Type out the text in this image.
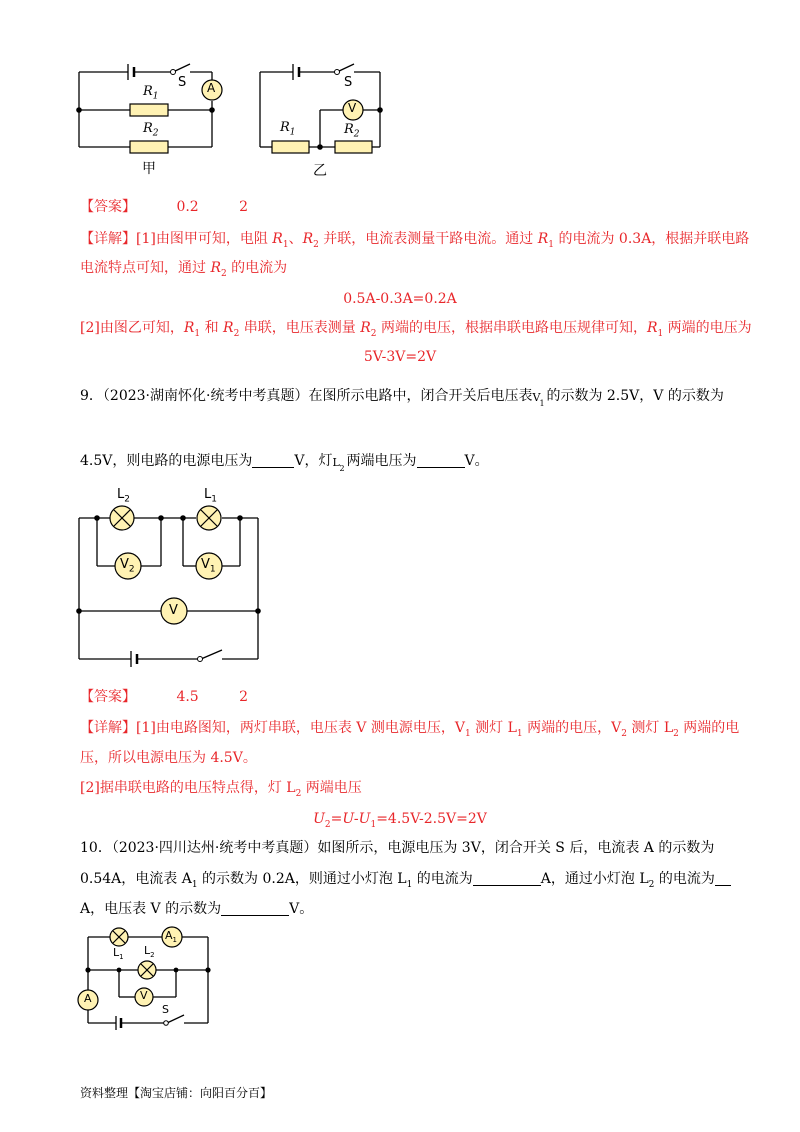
A
S
$R_1$
$R_2$
甲
V
S
$R_1$	$R_2$
乙
【答案】	0.2	2
【详解】[1]由图甲可知，电阻 $R_1$、$R_2$ 并联，电流表测量干路电流。通过 $R_1$ 的电流为 0.3A，根据并联电路
电流特点可知，通过 $R_2$ 的电流为
0.5A-0.3A=0.2A
[2]由图乙可知，$R_1$ 和 $R_2$ 串联，电压表测量 $R_2$ 两端的电压，根据串联电路电压规律可知，$R_1$ 两端的电压为
5V-3V=2V
9．（2023·湖南怀化·统考中考真题）在图所示电路中，闭合开关后电压表 V 1 的示数为 2.5V，V 的示数为
4.5V，则电路的电源电压为	V，灯 L 2 两端电压为	V。
$L_2$	$L_1$
$V_2$	$V_1$
V
【答案】	4.5	2
【详解】[1]由电路图知，两灯串联，电压表 V 测电源电压，$V_1$ 测灯 $L_1$ 两端的电压，$V_2$ 测灯 $L_2$ 两端的电
压，所以电源电压为 4.5V。
[2]据串联电路的电压特点得，灯 $L_2$ 两端电压
$U_2=U-U_1=4.5V-2.5V=2V$
10．（2023·四川达州·统考中考真题）如图所示，电源电压为 3V，闭合开关 S 后，电流表 A 的示数为
0.54A，电流表 $A_1$ 的示数为 0.2A，则通过小灯泡 $L_1$ 的电流为	A，通过小灯泡 $L_2$ 的电流为
A，电压表 V 的示数为	V。
$A_1$
$L_1$
$L_2$
V
A
S
资料整理【淘宝店铺：向阳百分百】
